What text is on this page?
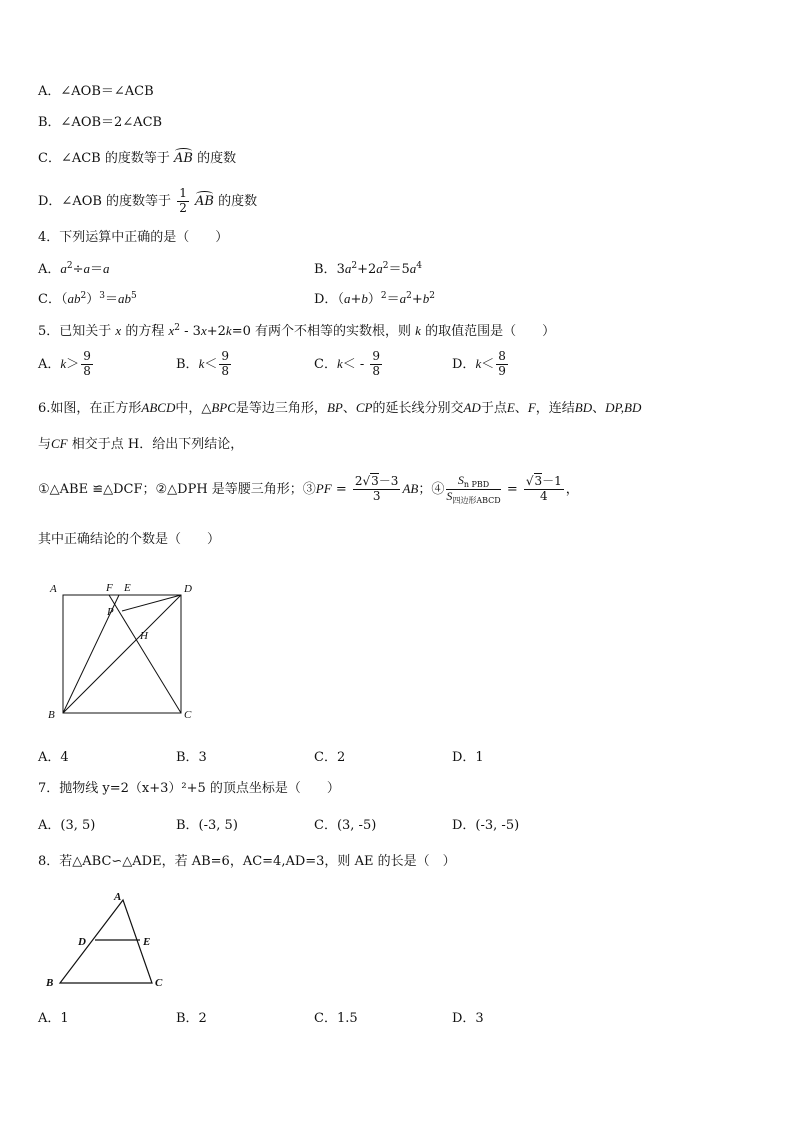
A．∠AOB＝∠ACB
B．∠AOB＝2∠ACB
C．∠ACB 的度数等于 AB 的度数
D．∠AOB 的度数等于 $\frac{1}{2}$ AB 的度数
4．下列运算中正确的是（　　）
A．$a^2\div a=a$	B．$3a^2+2a^2=5a^4$
C．$(ab^2)^3=ab^5$	D．$(a+b)^2=a^2+b^2$
5．已知关于 x 的方程 $x^2 - 3x+2k=0$ 有两个不相等的实数根，则 k 的取值范围是（　　）
A．$k> \frac{9}{8}$	B．$k< \frac{9}{8}$	C．$k< - \frac{9}{8}$	D．$k< \frac{8}{9}$
6.如图，在正方形ABCD中，△BPC是等边三角形，BP、CP的延长线分别交AD于点E、F，连结BD、DP,BD
与CF 相交于点 H．给出下列结论，
①△ABE ≌△DCF；②△DPH 是等腰三角形；③PF = $\frac{2√3-3}{3}$ AB；④ $\frac{S_{n PBD}}{S_{四边形ABCD}} = \frac{√3-1}{4}$ ，
其中正确结论的个数是（　　）
A
B	C
D
F E
P
H
A．4	B．3	C．2	D．1
7．抛物线 y=2（x+3）²+5 的顶点坐标是（　　）
A．(3, 5)	B．(-3, 5)	C．(3, -5)	D．(-3, -5)
8．若△ABC∽△ADE，若 AB=6，AC=4,AD=3，则 AE 的长是（　）
A
B	C
D	E
A．1	B．2	C．1.5	D．3
